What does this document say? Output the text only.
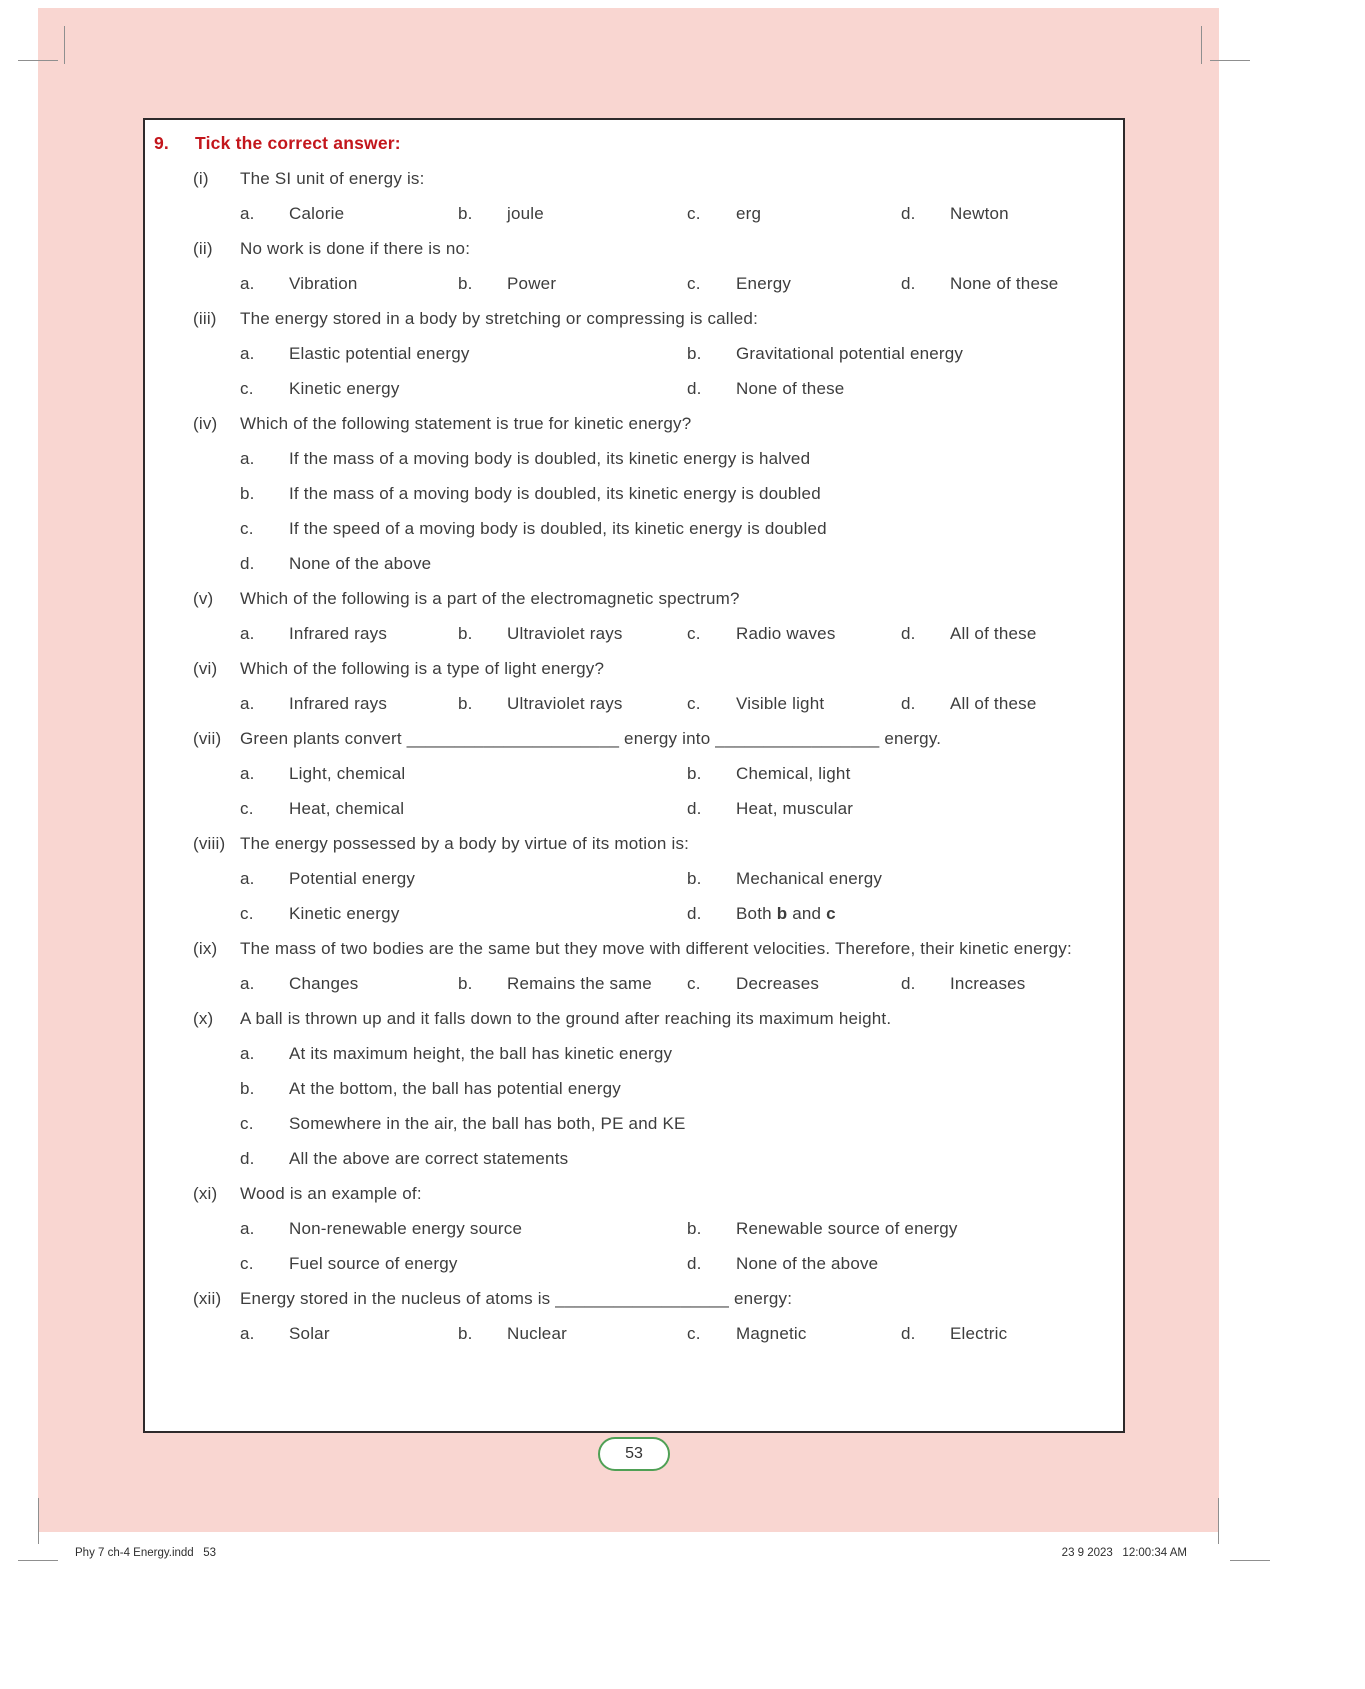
9.	Tick the correct answer:
(i)	The SI unit of energy is:
a. Calorie	b. joule	c. erg	d. Newton
(ii)	No work is done if there is no:
a. Vibration	b. Power	c. Energy	d. None of these
(iii)	The energy stored in a body by stretching or compressing is called:
a. Elastic potential energy	b. Gravitational potential energy
c. Kinetic energy	d. None of these
(iv)	Which of the following statement is true for kinetic energy?
a. If the mass of a moving body is doubled, its kinetic energy is halved
b. If the mass of a moving body is doubled, its kinetic energy is doubled
c. If the speed of a moving body is doubled, its kinetic energy is doubled
d. None of the above
(v)	Which of the following is a part of the electromagnetic spectrum?
a. Infrared rays	b. Ultraviolet rays	c. Radio waves	d. All of these
(vi)	Which of the following is a type of light energy?
a. Infrared rays	b. Ultraviolet rays	c. Visible light	d. All of these
(vii)	Green plants convert ______________________ energy into _________________ energy.
a. Light, chemical	b. Chemical, light
c. Heat, chemical	d. Heat, muscular
(viii) The energy possessed by a body by virtue of its motion is:
a. Potential energy	b. Mechanical energy
c. Kinetic energy	d. Both b and c
(ix)	The mass of two bodies are the same but they move with different velocities. Therefore, their kinetic energy:
a. Changes	b. Remains the same	c. Decreases	d. Increases
(x)	A ball is thrown up and it falls down to the ground after reaching its maximum height.
a. At its maximum height, the ball has kinetic energy
b. At the bottom, the ball has potential energy
c. Somewhere in the air, the ball has both, PE and KE
d. All the above are correct statements
(xi)	Wood is an example of:
a. Non-renewable energy source	b. Renewable source of energy
c. Fuel source of energy	d. None of the above
(xii)	Energy stored in the nucleus of atoms is __________________ energy:
a. Solar	b. Nuclear	c. Magnetic	d. Electric
53
Phy 7 ch-4 Energy.indd   53	23 9 2023   12:00:34 AM
